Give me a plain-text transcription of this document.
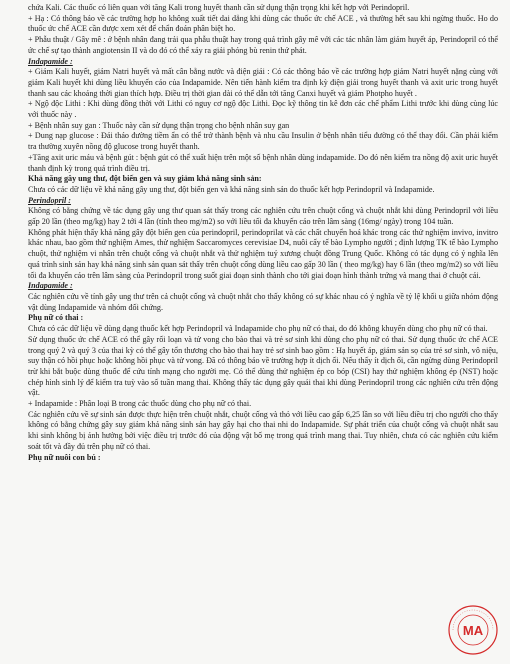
chứa Kali. Các thuốc có liên quan với tăng Kali trong huyết thanh cần sử dụng thận trọng khi kết hợp với Perindopril.

+ Hạ : Có thông báo về các trường hợp ho không xuất tiết dai dẳng khi dùng các thuốc ức chế ACE , và thường hết sau khi ngừng thuốc. Ho do thuốc ức chế ACE cần được xem xét để chẩn đoán phân biệt ho.

+ Phẫu thuật / Gây mê : ở bệnh nhân đang trải qua phẫu thuật hay trong quá trình gây mê với các tác nhân làm giảm huyết áp, Perindopril có thể ức chế sự tạo thành angiotensin II và do đó có thể xảy ra giải phóng bù renin thứ phát.

Indapamide :

+ Giảm Kali huyết, giảm Natri huyết và mất cân bằng nước và điện giải : Có các thông báo về các trường hợp giảm Natri huyết nặng cùng với giảm Kali huyết khi dùng liều khuyến cáo của Indapamide. Nên tiến hành kiểm tra định kỳ điện giải trong huyết thanh và axit uric trong huyết thanh sau các khoảng thời gian thích hợp. Điều trị thời gian dài có thể dẫn tới tăng Canxi huyết và giảm Photpho huyết .

+ Ngộ độc Lithi : Khi dùng đồng thời với Lithi có nguy cơ ngộ độc Lithi. Đọc kỹ thông tin kê đơn các chế phẩm Lithi trước khi dùng cùng lúc với thuốc này .

+ Bệnh nhân suy gan : Thuốc này cần sử dụng thận trọng cho bệnh nhân suy gan

+ Dung nạp glucose : Đái tháo đường tiềm ẩn có thể trở thành bệnh và nhu cầu Insulin ở bệnh nhân tiểu đường có thể thay đổi. Cần phải kiểm tra thường xuyên nồng độ glucose trong huyết thanh.

+Tăng axit uric máu và bệnh gút : bệnh gút có thể xuất hiện trên một số bệnh nhân dùng indapamide. Do đó nên kiểm tra nồng độ axit uric huyết thanh định kỳ trong quá trình điều trị.

Khả năng gây ung thư, đột biến gen và suy giảm khả năng sinh sản:

Chưa có các dữ liệu về khả năng gây ung thư, đột biến gen và khả năng sinh sản do thuốc kết hợp Perindopril và Indapamide.

Perindopril :

Không có bằng chứng về tác dụng gây ung thư quan sát thấy trong các nghiên cứu trên chuột cống và chuột nhắt khi dùng Perindopril với liều gấp 20 lần (theo mg/kg) hay 2 tới 4 lần (tính theo mg/m2) so với liều tối đa khuyến cáo trên lâm sàng (16mg/ ngày) trong 104 tuần.

Không phát hiện thấy khả năng gây đột biến gen của perindopril, perindoprilat và các chất chuyển hoá khác trong các thử nghiệm invivo, invitro khác nhau, bao gồm thử nghiệm Ames, thử nghiệm Saccaromyces cerevisiae D4, nuôi cấy tế bào Lympho người ; định lượng TK tế bào Lympho chuột, thử nghiệm vi nhân trên chuột cống và chuột nhắt và thử nghiệm tuỷ xương chuột đồng Trung Quốc. Không có tác dụng có ý nghĩa lên quá trình sinh sản hay khả năng sinh sản quan sát thấy trên chuột cống dùng liều cao gấp 30 lần ( theo mg/kg) hay 6 lần (theo mg/m2) so với liều tối đa khuyến cáo trên lâm sàng của Perindopril trong suốt giai đoạn sinh thành cho tới giai đoạn hình thành trứng và mang thai ở chuột cái.

Indapamide :

Các nghiên cứu về tính gây ung thư trên cả chuột cống và chuột nhắt cho thấy không có sự khác nhau có ý nghĩa về tỷ lệ khối u giữa nhóm động vật dùng Indapamide và nhóm đối chứng.

Phụ nữ có thai :

Chưa có các dữ liệu về dùng dạng thuốc kết hợp Perindopril và Indapamide cho phụ nữ có thai, do đó không khuyến dùng cho phụ nữ có thai.

Sử dụng thuốc ức chế ACE có thể gây rối loạn và tử vong cho bào thai và trẻ sơ sinh khi dùng cho phụ nữ có thai. Sử dụng thuốc ức chế ACE trong quý 2 và quý 3 của thai kỳ có thể gây tổn thương cho bào thai hay trẻ sơ sinh bao gồm : Hạ huyết áp, giảm sản sọ của trẻ sơ sinh, vô niệu, suy thận có hồi phục hoặc không hồi phục và tử vong. Đã có thông báo về trường hợp ít dịch ối. Nếu thấy ít dịch ối, cần ngừng dùng Perindopril trừ khi bắt buộc dùng thuốc để cứu tính mạng cho người mẹ. Có thể dùng thử nghiệm ép co bóp (CSI) hay thử nghiệm không ép (NST) hoặc chép hình sinh lý để kiểm tra tuỳ vào số tuần mang thai. Không thấy tác dụng gây quái thai khi dùng Perindopril trong các nghiên cứu trên động vật.

+ Indapamide : Phân loại B trong các thuốc dùng cho phụ nữ có thai.

Các nghiên cứu về sự sinh sản được thực hiện trên chuột nhắt, chuột cống và thỏ với liều cao gấp 6,25 lần so với liều điều trị cho người cho thấy không có bằng chứng gây suy giảm khả năng sinh sản hay gây hại cho thai nhi do Indapamide. Sự phát triển của chuột cống và chuột nhắt sau khi sinh không bị ảnh hưởng bởi việc điều trị trước đó của động vật bố mẹ trong quá trình mang thai. Tuy nhiên, chưa có các nghiên cứu kiểm soát tốt và đầy đủ trên phụ nữ có thai.

Phụ nữ nuôi con bú :

MA
